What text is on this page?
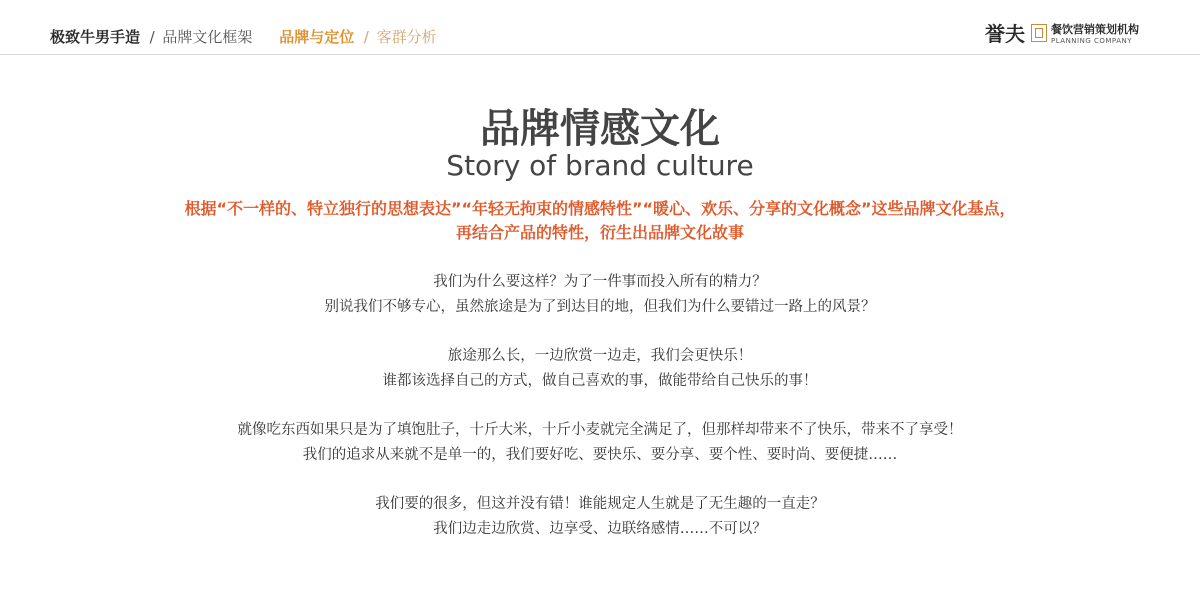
极致牛男手造 / 品牌文化框架 品牌与定位 / 客群分析	誉夫 餐饮营销策划机构
PLANNING COMPANY
品牌情感文化
Story of brand culture
根据“不一样的、特立独行的思想表达”“年轻无拘束的情感特性”“暖心、欢乐、分享的文化概念”这些品牌文化基点，
再结合产品的特性，衍生出品牌文化故事
我们为什么要这样？为了一件事而投入所有的精力？
别说我们不够专心，虽然旅途是为了到达目的地，但我们为什么要错过一路上的风景？
旅途那么长，一边欣赏一边走，我们会更快乐！
谁都该选择自己的方式，做自己喜欢的事，做能带给自己快乐的事！
就像吃东西如果只是为了填饱肚子，十斤大米，十斤小麦就完全满足了，但那样却带来不了快乐，带来不了享受！
我们的追求从来就不是单一的，我们要好吃、要快乐、要分享、要个性、要时尚、要便捷……
我们要的很多，但这并没有错！谁能规定人生就是了无生趣的一直走？
我们边走边欣赏、边享受、边联络感情……不可以？
